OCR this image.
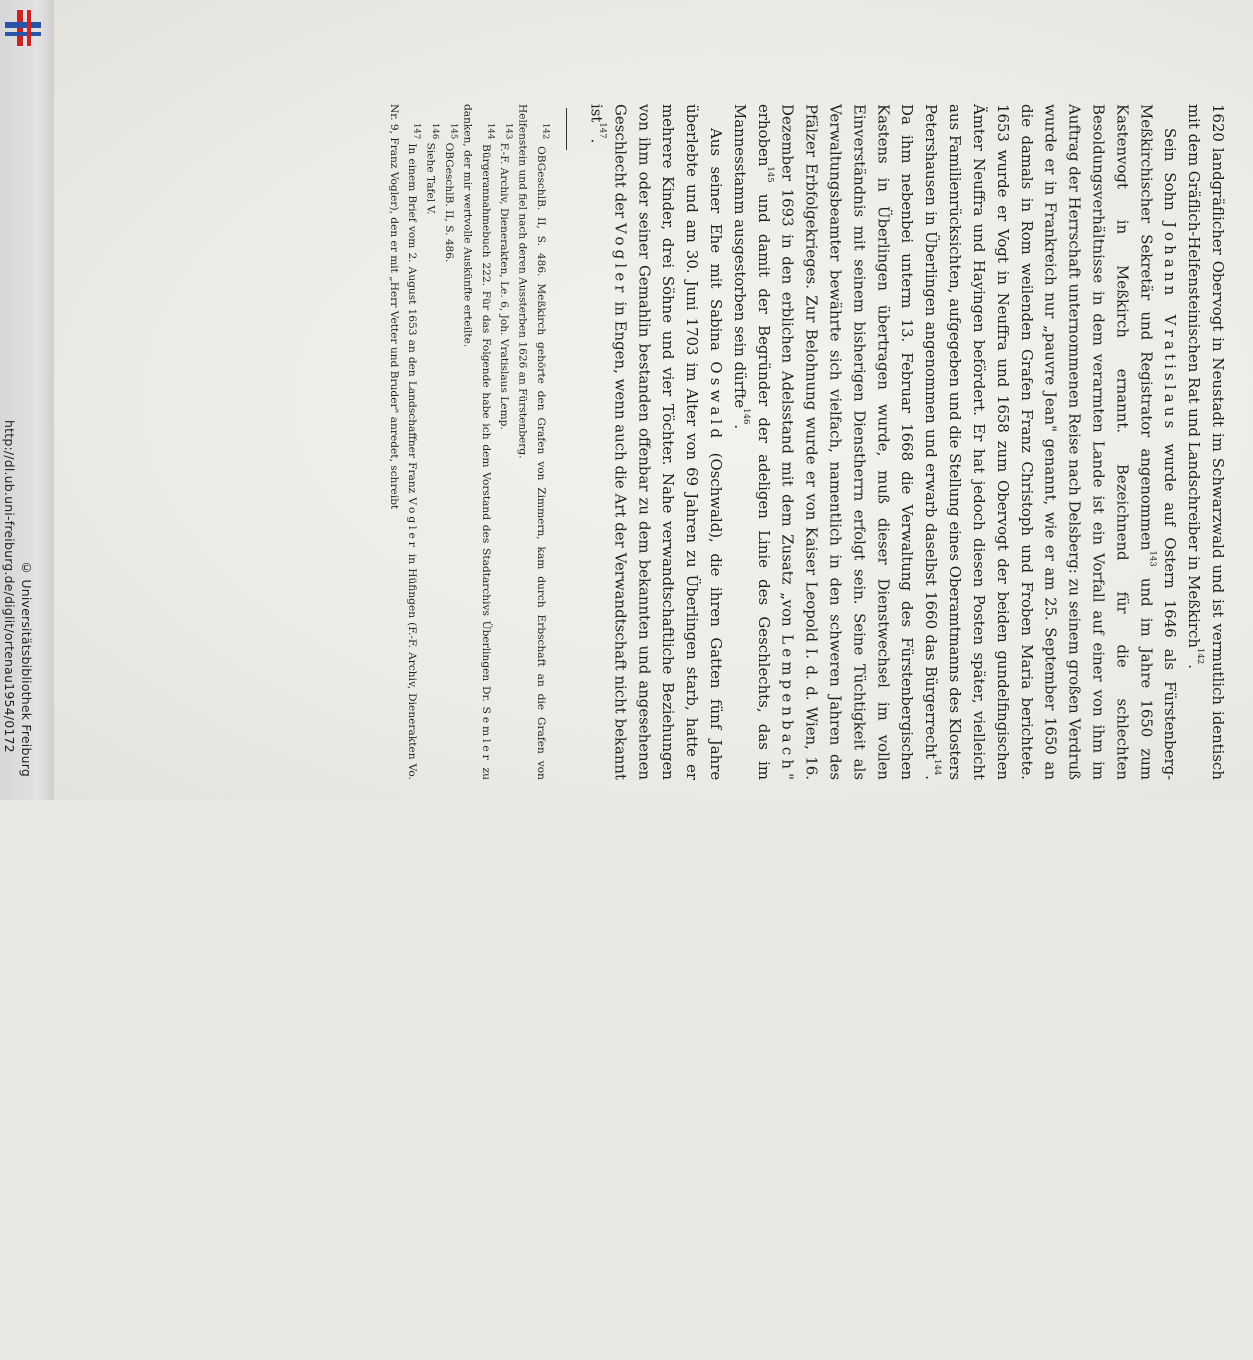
http://dl.ub.uni-freiburg.de/diglit/ortenau1954/0172 © Universitätsbibliothek Freiburg	1620 landgräflicher Obervogt in Neustadt im Schwarzwald und ist vermutlich identisch mit dem Gräflich-Helfensteinischen Rat und Landschreiber in Meßkirch$^{142}$.

Sein Sohn Johann Vratislaus wurde auf Ostern 1646 als Fürstenberg-Meßkirchischer Sekretär und Registrator angenommen$^{143}$ und im Jahre 1650 zum Kastenvogt in Meßkirch ernannt. Bezeichnend für die schlechten Besoldungsverhältnisse in dem verarmten Lande ist ein Vorfall auf einer von ihm im Auftrag der Herrschaft unternommenen Reise nach Delsberg: zu seinem großen Verdruß wurde er in Frankreich nur „pauvre Jean" genannt, wie er am 25. September 1650 an die damals in Rom weilenden Grafen Franz Christoph und Froben Maria berichtete. 1653 wurde er Vogt in Neuffra und 1658 zum Obervogt der beiden gundelfingischen Ämter Neuffra und Hayingen befördert. Er hat jedoch diesen Posten später, vielleicht aus Familienrücksichten, aufgegeben und die Stellung eines Oberamtmanns des Klosters Petershausen in Überlingen angenommen und erwarb daselbst 1660 das Bürgerrecht$^{144}$. Da ihm nebenbei unterm 13. Februar 1668 die Verwaltung des Fürstenbergischen Kastens in Überlingen übertragen wurde, muß dieser Dienstwechsel im vollen Einverständnis mit seinem bisherigen Dienstherrn erfolgt sein. Seine Tüchtigkeit als Verwaltungsbeamter bewährte sich vielfach, namentlich in den schweren Jahren des Pfälzer Erbfolgekrieges. Zur Belohnung wurde er von Kaiser Leopold I. d. d. Wien, 16. Dezember 1693 in den erblichen Adelsstand mit dem Zusatz „von Lempenbach" erhoben$^{145}$ und damit der Begründer der adeligen Linie des Geschlechts, das im Mannesstamm ausgestorben sein dürfte$^{146}$.

Aus seiner Ehe mit Sabina Oswald (Oschwald), die ihren Gatten fünf Jahre überlebte und am 30. Juni 1703 im Alter von 69 Jahren zu Überlingen starb, hatte er mehrere Kinder, drei Söhne und vier Töchter. Nahe verwandtschaftliche Beziehungen von ihm oder seiner Gemahlin bestanden offenbar zu dem bekannten und angesehenen Geschlecht der Vogler in Engen, wenn auch die Art der Verwandtschaft nicht bekannt ist$^{147}$.

$^{142}$ OBGeschlB. II, S. 486. Meßkirch gehörte den Grafen von Zimmern, kam durch Erbschaft an die Grafen von Helfenstein und fiel nach deren Aussterben 1626 an Fürstenberg.

$^{143}$ F.-F. Archiv, Dienerakten, Le. 6, Joh. Vratislaus Lemp.

$^{144}$ Bürgerannahmebuch 222. Für das Folgende habe ich dem Vorstand des Stadtarchivs Überlingen Dr. Semler zu danken, der mir wertvolle Auskünfte erteilte.

$^{145}$ OBGeschlB. II, S. 486.

$^{146}$ Siehe Tafel V.

$^{147}$ In einem Brief vom 2. August 1653 an den Landschaffner Franz Vogler in Hüfingen (F.-F. Archiv, Dienerakten Vo. Nr. 9, Franz Vogler), den er mit „Herr Vetter und Bruder" anredet, schreibt
